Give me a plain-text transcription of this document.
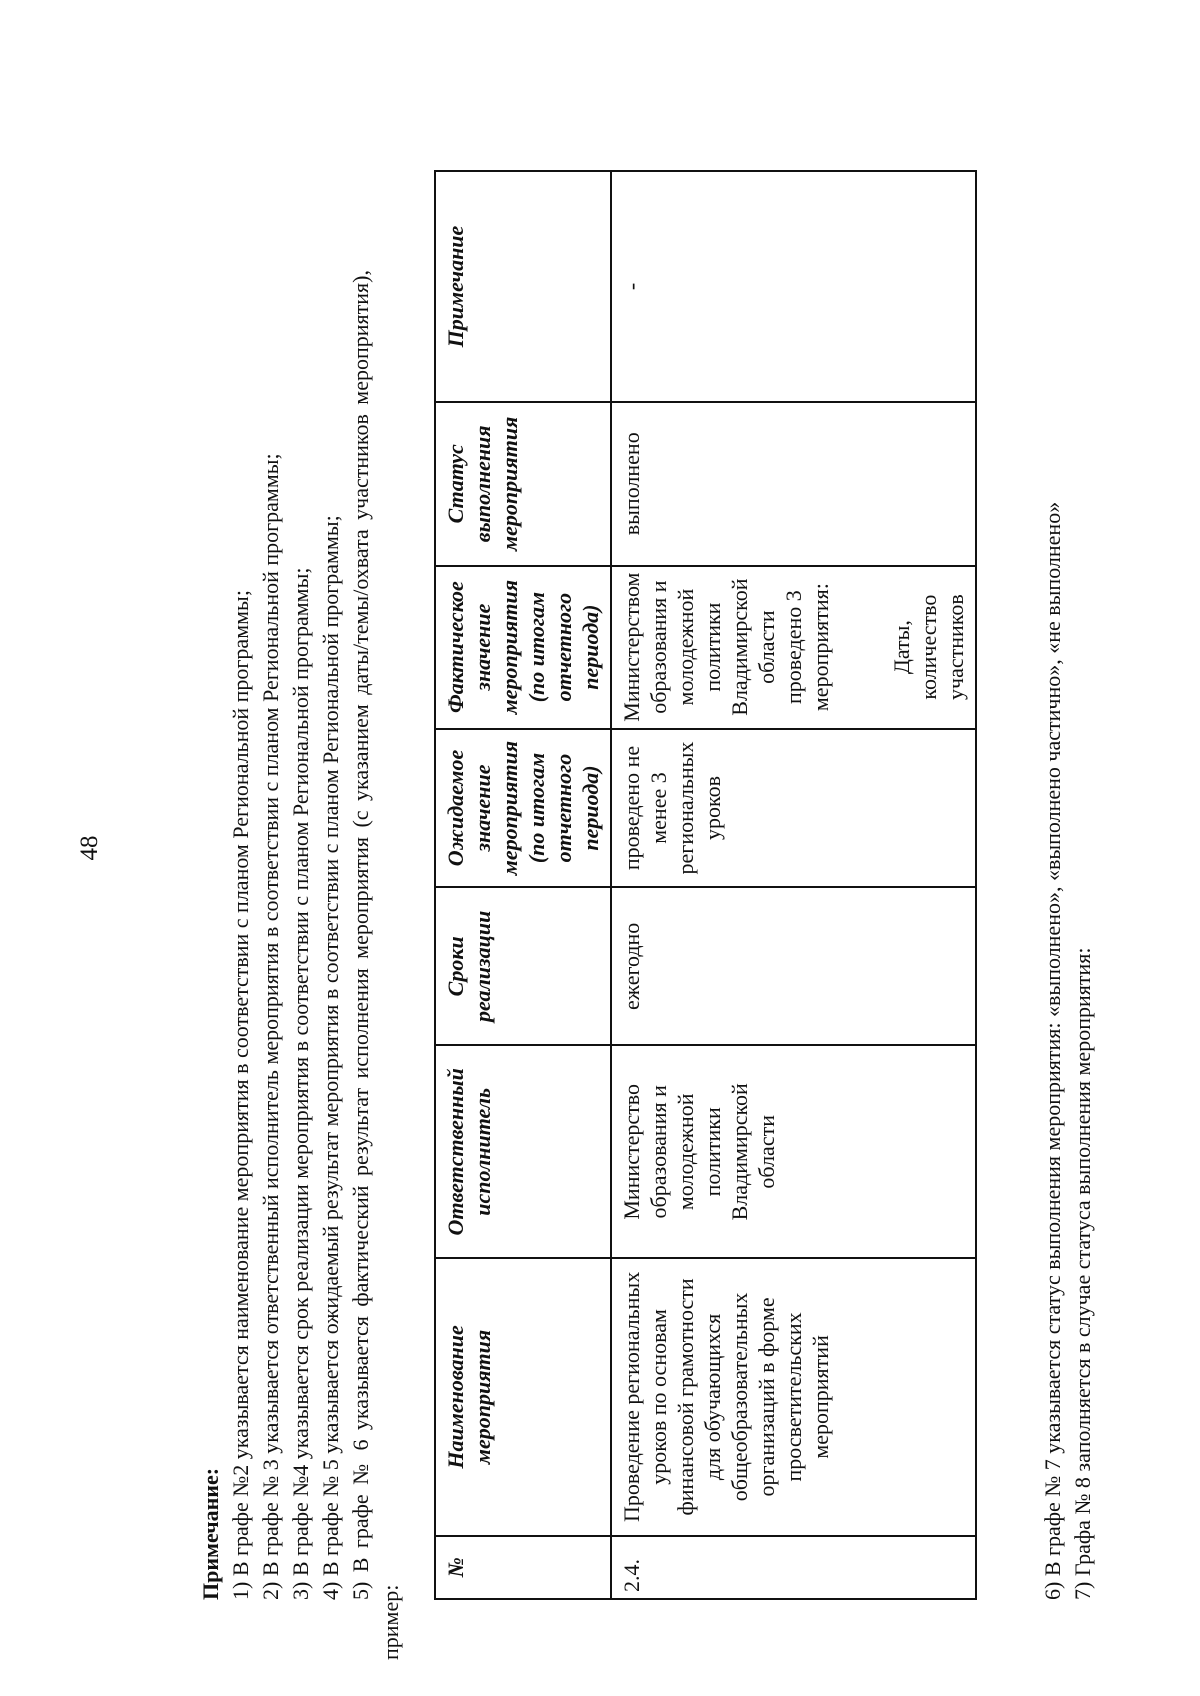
48
Примечание: 1) В графе №2 указывается наименование мероприятия в соответствии с планом Региональной программы; 2) В графе № 3 указывается ответственный исполнитель мероприятия в соответствии с планом Региональной программы; 3) В графе №4 указывается срок реализации мероприятия в соответствии с планом Региональной программы; 4) В графе № 5 указывается ожидаемый результат мероприятия в соответствии с планом Региональной программы; 5) В графе № 6 указывается фактический результат исполнения мероприятия (с указанием даты/темы/охвата участников мероприятия), пример:
№	Наименование мероприятия	Ответственный исполнитель	Сроки реализации	Ожидаемое значение мероприятия (по итогам отчетного периода)	Фактическое значение мероприятия (по итогам отчетного периода)	Статус выполнения мероприятия	Примечание
2.4.	Проведение региональных уроков по основам финансовой грамотности для обучающихся общеобразовательных организаций в форме просветительских мероприятий	Министерство образования и молодежной политики Владимирской области	ежегодно	проведено не менее 3 региональных уроков	Министерством образования и молодежной политики Владимирской области проведено 3 мероприятия: Даты, количество участников	выполнено	-
6) В графе № 7 указывается статус выполнения мероприятия: «выполнено», «выполнено частично», «не выполнено» 7) Графа № 8 заполняется в случае статуса выполнения мероприятия:
